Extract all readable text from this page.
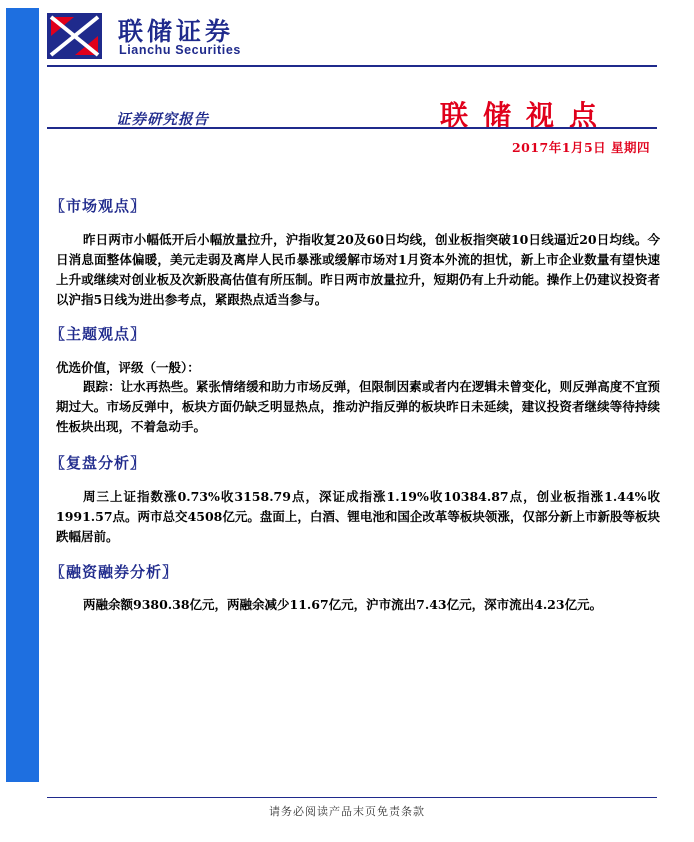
联储证券
Lianchu Securities
证券研究报告	联储视点
2017年1月5日 星期四
〖市场观点〗
昨日两市小幅低开后小幅放量拉升，沪指收复20及60日均线，创业板指突破10日线逼近20日均线。今日消息面整体偏暖，美元走弱及离岸人民币暴涨或缓解市场对1月资本外流的担忧，新上市企业数量有望快速上升或继续对创业板及次新股高估值有所压制。昨日两市放量拉升，短期仍有上升动能。操作上仍建议投资者以沪指5日线为进出参考点，紧跟热点适当参与。
〖主题观点〗
优选价值，评级（一般）：
跟踪：让水再热些。紧张情绪缓和助力市场反弹，但限制因素或者内在逻辑未曾变化，则反弹高度不宜预期过大。市场反弹中，板块方面仍缺乏明显热点，推动沪指反弹的板块昨日未延续，建议投资者继续等待持续性板块出现，不着急动手。
〖复盘分析〗
周三上证指数涨0.73%收3158.79点，深证成指涨1.19%收10384.87点，创业板指涨1.44%收1991.57点。两市总交4508亿元。盘面上，白酒、锂电池和国企改革等板块领涨，仅部分新上市新股等板块跌幅居前。
〖融资融券分析〗
两融余额9380.38亿元，两融余减少11.67亿元，沪市流出7.43亿元，深市流出4.23亿元。
请务必阅读产品末页免责条款
